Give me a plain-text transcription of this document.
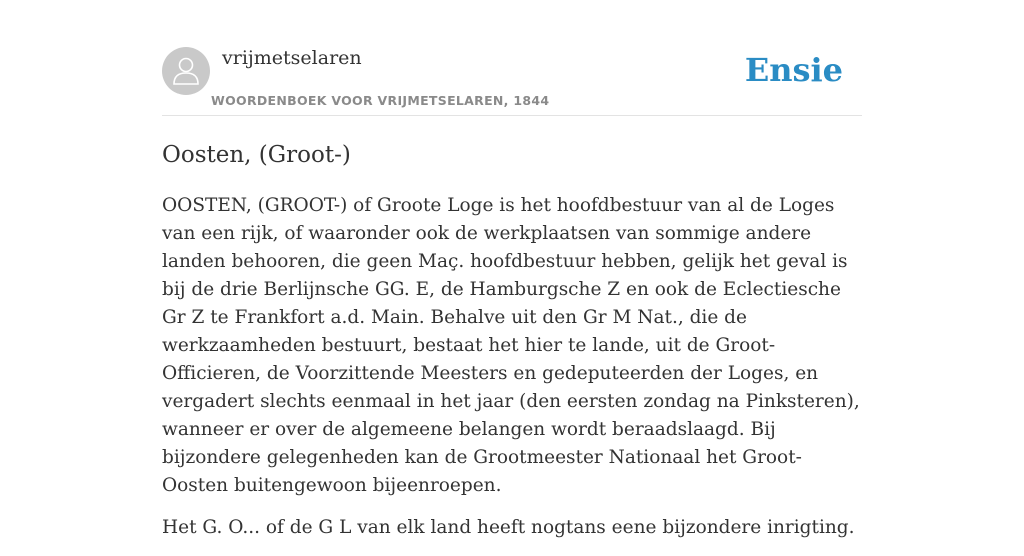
vrijmetselaren
WOORDENBOEK VOOR VRIJMETSELAREN, 1844
Ensie
Oosten, (Groot-)

OOSTEN, (GROOT-) of Groote Loge is het hoofdbestuur van al de Loges van een rijk, of waaronder ook de werkplaatsen van sommige andere landen behooren, die geen Maç. hoofdbestuur hebben, gelijk het geval is bij de drie Berlijnsche GG. E, de Hamburgsche Z en ook de Eclectiesche Gr Z te Frankfort a.d. Main. Behalve uit den Gr M Nat., die de werkzaamheden bestuurt, bestaat het hier te lande, uit de Groot-Officieren, de Voorzittende Meesters en gedeputeerden der Loges, en vergadert slechts eenmaal in het jaar (den eersten zondag na Pinksteren), wanneer er over de algemeene belangen wordt beraadslaagd. Bij bijzondere gelegenheden kan de Grootmeester Nationaal het Groot-Oosten buitengewoon bijeenroepen.

Het G. O... of de G L van elk land heeft nogtans eene bijzondere inrigting.
